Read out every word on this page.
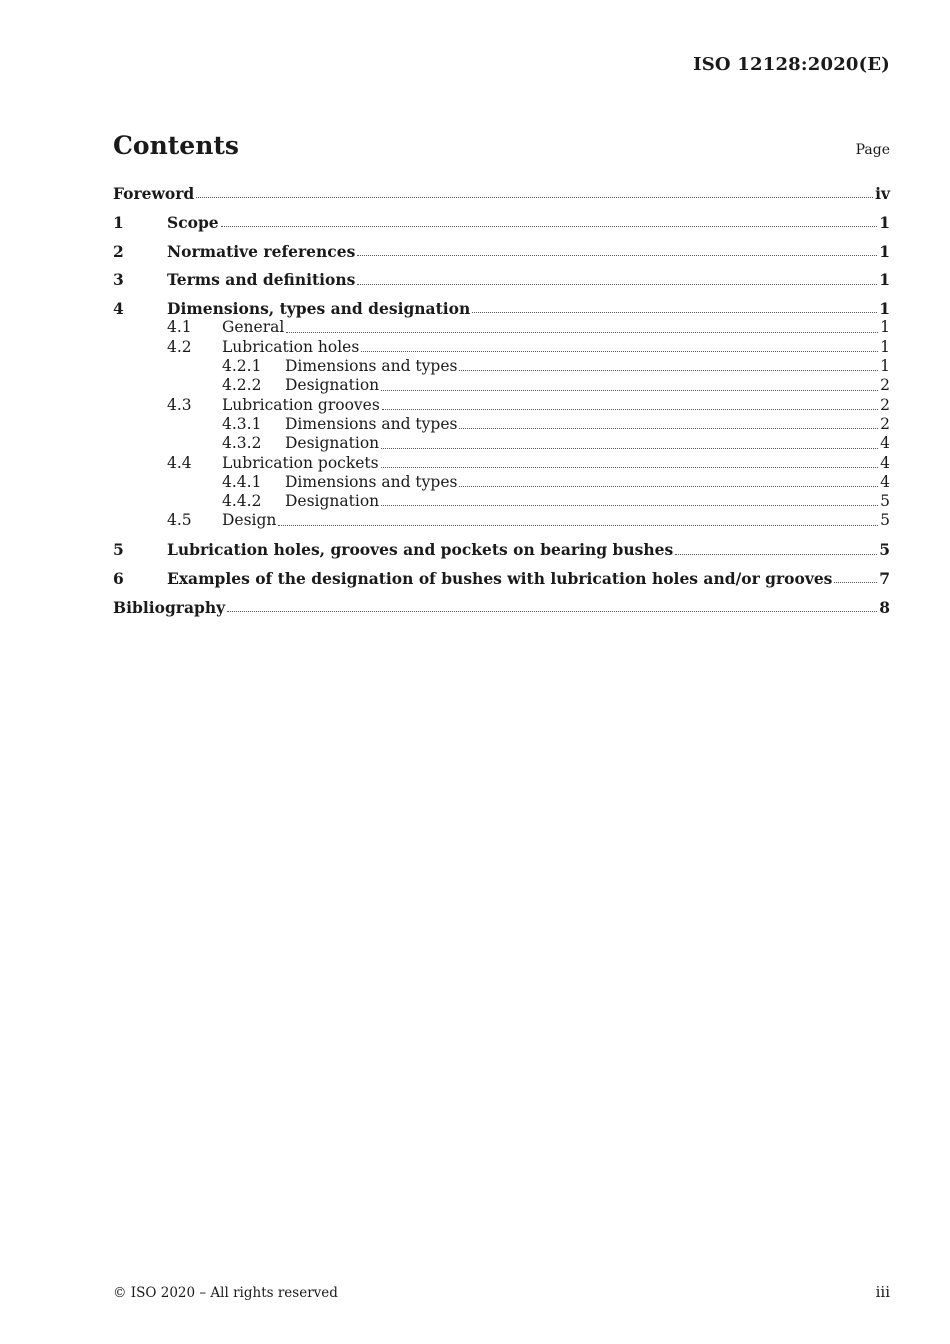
ISO 12128:2020(E)
Contents	Page
Foreword	iv
1	Scope	1
2	Normative references	1
3	Terms and definitions	1
4	Dimensions, types and designation	1
4.1	General	1
4.2	Lubrication holes	1
4.2.1	Dimensions and types	1
4.2.2	Designation	2
4.3	Lubrication grooves	2
4.3.1	Dimensions and types	2
4.3.2	Designation	4
4.4	Lubrication pockets	4
4.4.1	Dimensions and types	4
4.4.2	Designation	5
4.5	Design	5
5	Lubrication holes, grooves and pockets on bearing bushes	5
6	Examples of the designation of bushes with lubrication holes and/or grooves	7
Bibliography	8
© ISO 2020 – All rights reserved	iii
